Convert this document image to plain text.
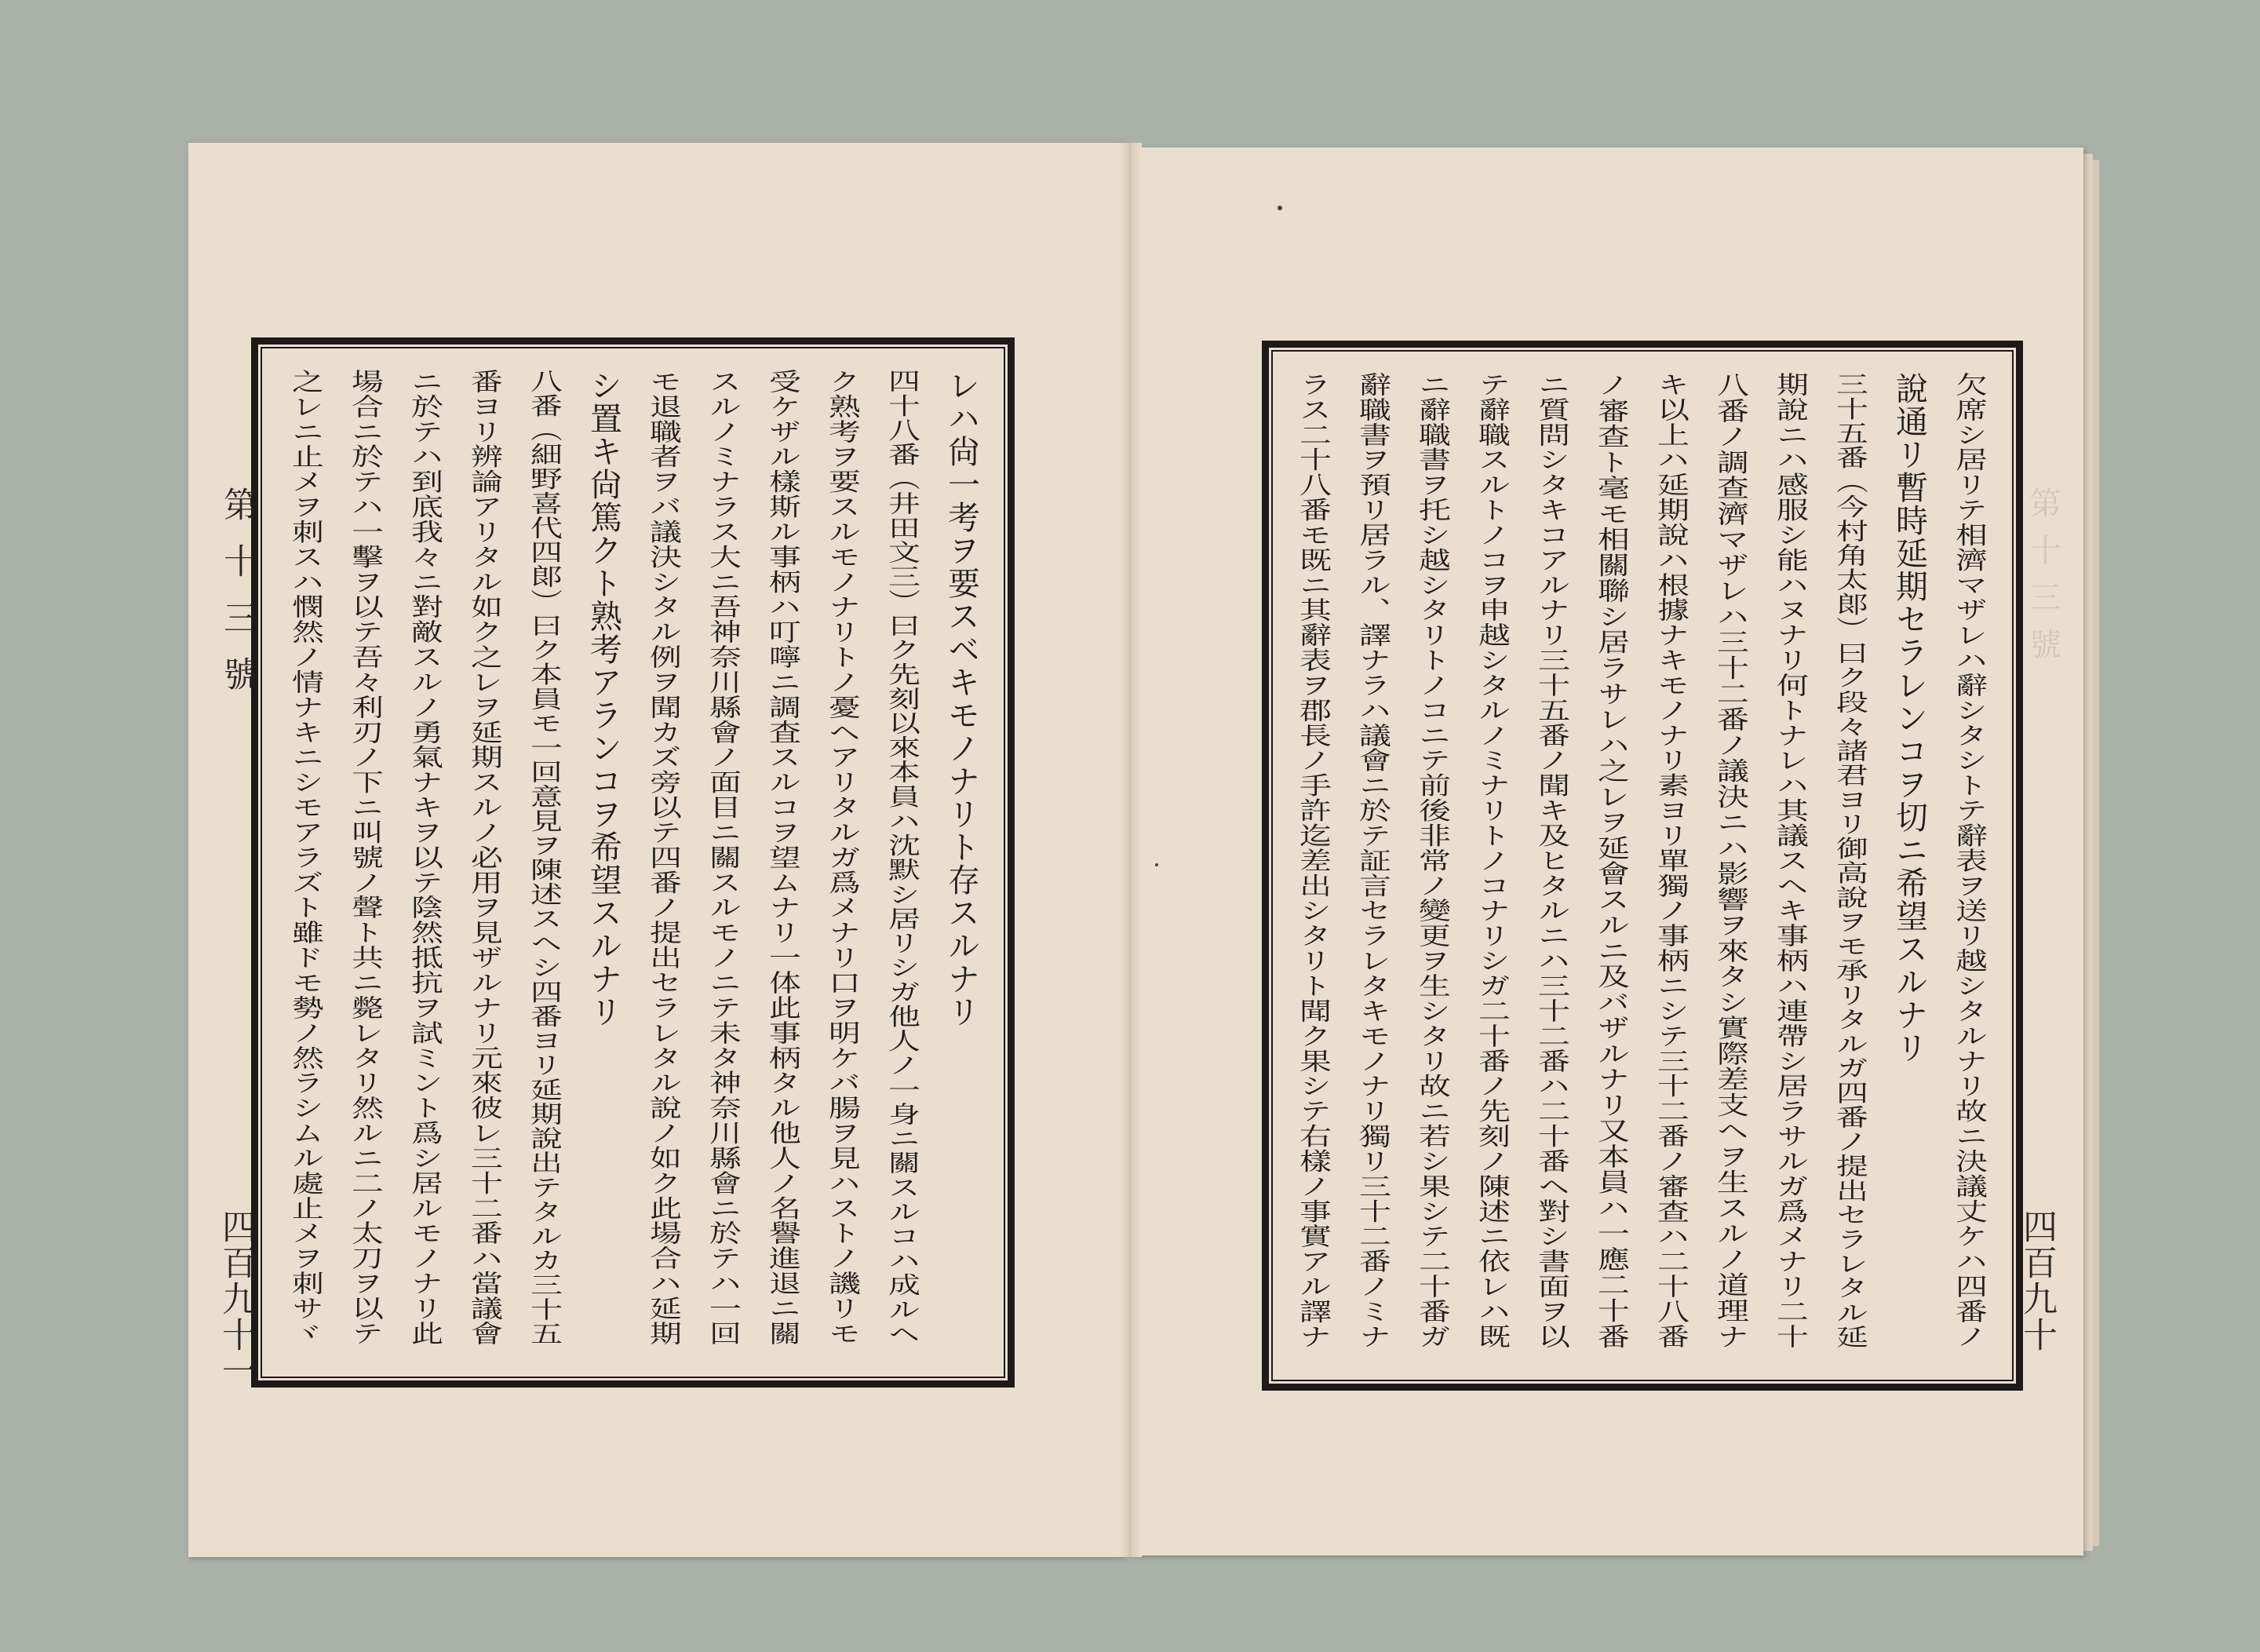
第十三號
四百九十一
レハ尙一考ヲ要スベキモノナリト存スルナリ
四十八番（井田文三）曰ク先刻以來本員ハ沈默シ居リシガ他人ノ一身ニ關スルコハ成ルヘ
ク熟考ヲ要スルモノナリトノ憂ヘアリタルガ爲メナリ口ヲ明ケバ腸ヲ見ハストノ譏リモ
受ケザル樣斯ル事柄ハ叮嚀ニ調査スルコヲ望ムナリ一体此事柄タル他人ノ名譽進退ニ關
スルノミナラス大ニ吾神奈川縣會ノ面目ニ關スルモノニテ未タ神奈川縣會ニ於テハ一回
モ退職者ヲバ議決シタル例ヲ聞カズ旁以テ四番ノ提出セラレタル說ノ如ク此場合ハ延期
シ置キ尙篤クト熟考アランコヲ希望スルナリ
八番（細野喜代四郞）曰ク本員モ一回意見ヲ陳述スヘシ四番ヨリ延期說出テタルカ三十五
番ヨリ辨論アリタル如ク之レヲ延期スルノ必用ヲ見ザルナリ元來彼レ三十二番ハ當議會
ニ於テハ到底我々ニ對敵スルノ勇氣ナキヲ以テ陰然抵抗ヲ試ミント爲シ居ルモノナリ此
場合ニ於テハ一擊ヲ以テ吾々利刃ノ下ニ叫號ノ聲ト共ニ斃レタリ然ルニ二ノ太刀ヲ以テ
之レニ止メヲ刺スハ憫然ノ情ナキニシモアラズト雖ドモ勢ノ然ラシムル處止メヲ刺サヾ	第十三號
四百九十
欠席シ居リテ相濟マザレハ辭シタシトテ辭表ヲ送リ越シタルナリ故ニ決議丈ケハ四番ノ
說通リ暫時延期セラレンコヲ切ニ希望スルナリ
三十五番（今村角太郞）曰ク段々諸君ヨリ御高說ヲモ承リタルガ四番ノ提出セラレタル延
期說ニハ感服シ能ハヌナリ何トナレハ其議スヘキ事柄ハ連帶シ居ラサルガ爲メナリ二十
八番ノ調查濟マザレハ三十二番ノ議決ニハ影響ヲ來タシ實際差支ヘヲ生スルノ道理ナ
キ以上ハ延期說ハ根據ナキモノナリ素ヨリ單獨ノ事柄ニシテ三十二番ノ審查ハ二十八番
ノ審查ト毫モ相關聯シ居ラサレハ之レヲ延會スルニ及バザルナリ又本員ハ一應二十番
ニ質問シタキコアルナリ三十五番ノ聞キ及ヒタルニハ三十二番ハ二十番ヘ對シ書面ヲ以
テ辭職スルトノコヲ申越シタルノミナリトノコナリシガ二十番ノ先刻ノ陳述ニ依レハ既
ニ辭職書ヲ托シ越シタリトノコニテ前後非常ノ變更ヲ生シタリ故ニ若シ果シテ二十番ガ
辭職書ヲ預リ居ラル、譯ナラハ議會ニ於テ証言セラレタキモノナリ獨リ三十二番ノミナ
ラス二十八番モ既ニ其辭表ヲ郡長ノ手許迄差出シタリト聞ク果シテ右樣ノ事實アル譯ナ
